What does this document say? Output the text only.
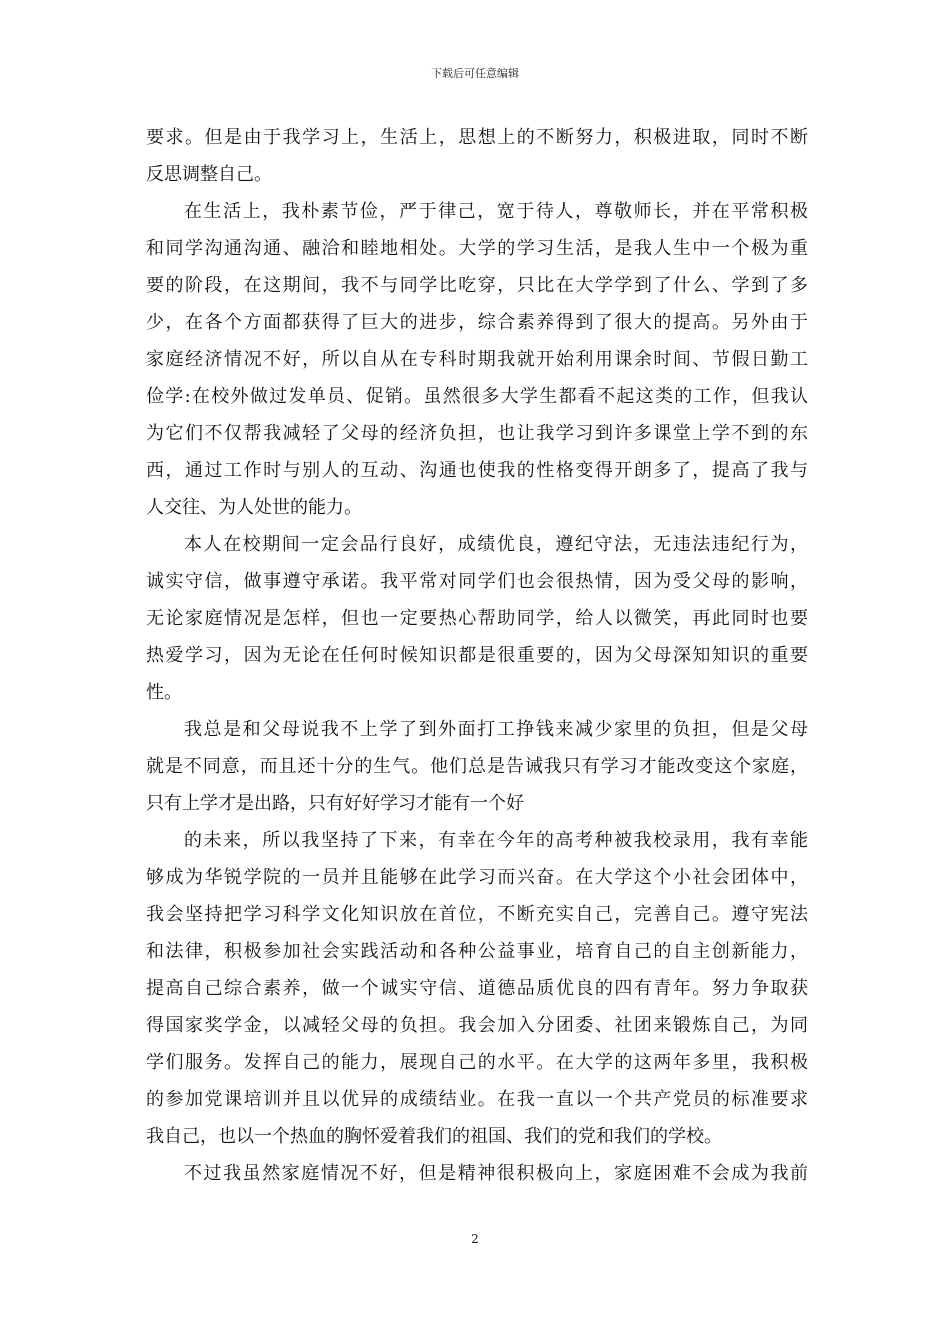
下载后可任意编辑
要求。但是由于我学习上，生活上，思想上的不断努力，积极进取，同时不断
反思调整自己。
在生活上，我朴素节俭，严于律己，宽于待人，尊敬师长，并在平常积极
和同学沟通沟通、融洽和睦地相处。大学的学习生活，是我人生中一个极为重
要的阶段，在这期间，我不与同学比吃穿，只比在大学学到了什么、学到了多
少，在各个方面都获得了巨大的进步，综合素养得到了很大的提高。另外由于
家庭经济情况不好，所以自从在专科时期我就开始利用课余时间、节假日勤工
俭学:在校外做过发单员、促销。虽然很多大学生都看不起这类的工作，但我认
为它们不仅帮我减轻了父母的经济负担，也让我学习到许多课堂上学不到的东
西，通过工作时与别人的互动、沟通也使我的性格变得开朗多了，提高了我与
人交往、为人处世的能力。
本人在校期间一定会品行良好，成绩优良，遵纪守法，无违法违纪行为，
诚实守信，做事遵守承诺。我平常对同学们也会很热情，因为受父母的影响，
无论家庭情况是怎样，但也一定要热心帮助同学，给人以微笑，再此同时也要
热爱学习，因为无论在任何时候知识都是很重要的，因为父母深知知识的重要
性。
我总是和父母说我不上学了到外面打工挣钱来减少家里的负担，但是父母
就是不同意，而且还十分的生气。他们总是告诫我只有学习才能改变这个家庭，
只有上学才是出路，只有好好学习才能有一个好
的未来，所以我坚持了下来，有幸在今年的高考种被我校录用，我有幸能
够成为华锐学院的一员并且能够在此学习而兴奋。在大学这个小社会团体中，
我会坚持把学习科学文化知识放在首位，不断充实自己，完善自己。遵守宪法
和法律，积极参加社会实践活动和各种公益事业，培育自己的自主创新能力，
提高自己综合素养，做一个诚实守信、道德品质优良的四有青年。努力争取获
得国家奖学金，以减轻父母的负担。我会加入分团委、社团来锻炼自己，为同
学们服务。发挥自己的能力，展现自己的水平。在大学的这两年多里，我积极
的参加党课培训并且以优异的成绩结业。在我一直以一个共产党员的标准要求
我自己，也以一个热血的胸怀爱着我们的祖国、我们的党和我们的学校。
不过我虽然家庭情况不好，但是精神很积极向上，家庭困难不会成为我前
2
